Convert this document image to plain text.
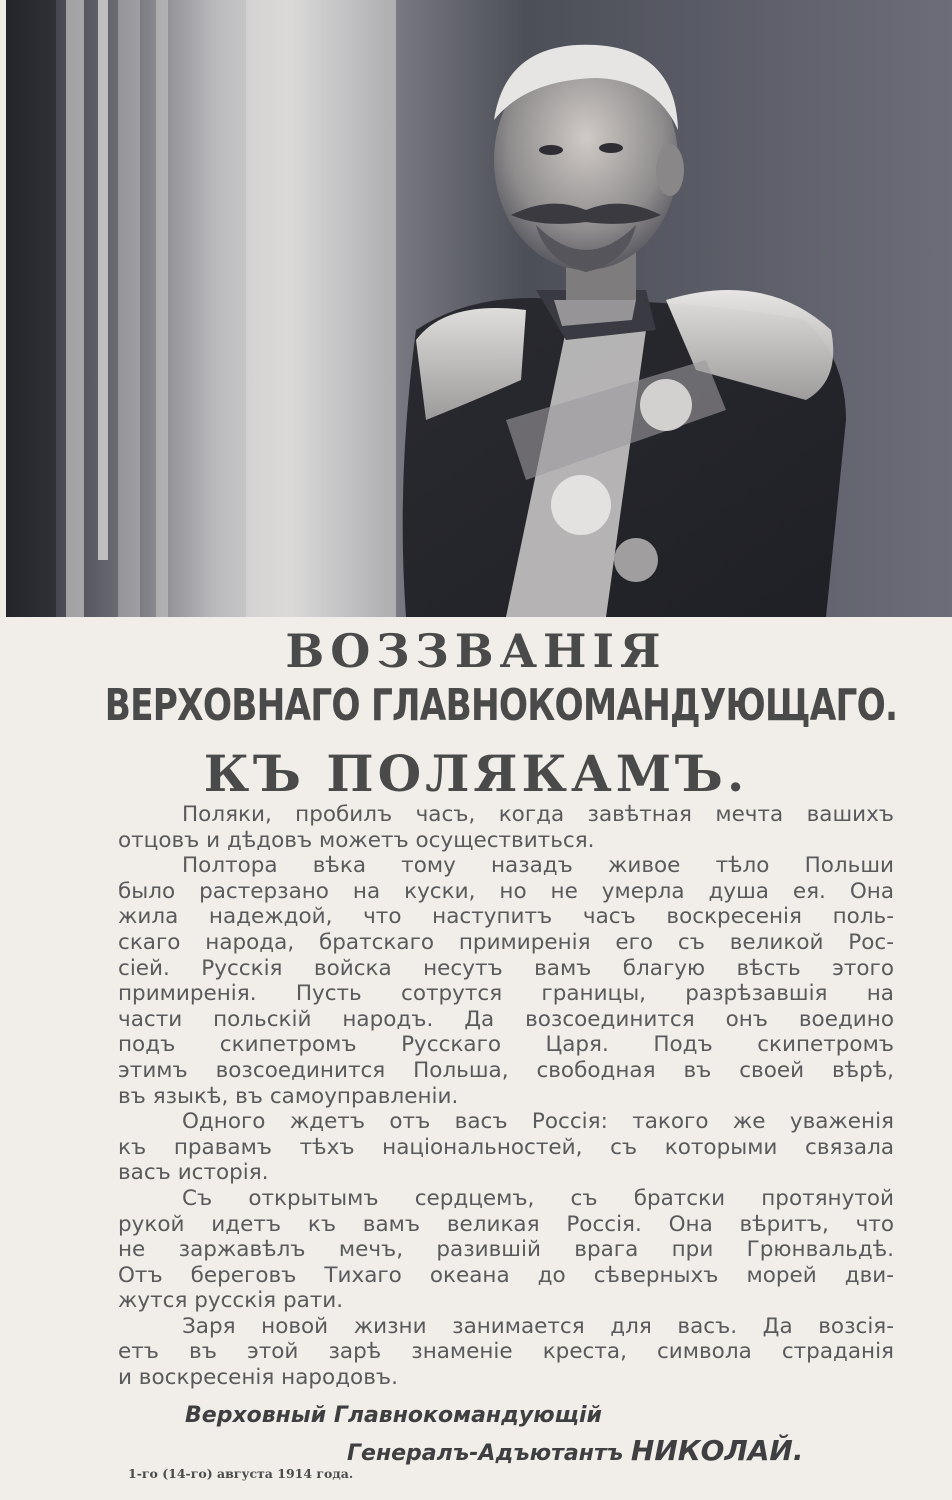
ВОЗЗВАНIЯ
ВЕРХОВНАГО ГЛАВНОКОМАНДУЮЩАГО.
КЪ ПОЛЯКАМЪ.
Поляки, пробилъ часъ, когда завѣтная мечта вашихъ
отцовъ и дѣдовъ можетъ осуществиться.
Полтора вѣка тому назадъ живое тѣло Польши
было растерзано на куски, но не умерла душа ея. Она
жила надеждой, что наступитъ часъ воскресенія поль-
скаго народа, братскаго примиренія его съ великой Рос-
сiей. Русскiя войска несутъ вамъ благую вѣсть этого
примиренія. Пусть сотрутся границы, разрѣзавшiя на
части польскiй народъ. Да возсоединится онъ воедино
подъ скипетромъ Русскаго Царя. Подъ скипетромъ
этимъ возсоединится Польша, свободная въ своей вѣрѣ,
въ языкѣ, въ самоуправленiи.
Одного ждетъ отъ васъ Россія: такого же уваженія
къ правамъ тѣхъ національностей, съ которыми связала
васъ исторія.
Съ открытымъ сердцемъ, съ братски протянутой
рукой идетъ къ вамъ великая Россія. Она вѣритъ, что
не заржавѣлъ мечъ, разившiй врага при Грюнвальдѣ.
Отъ береговъ Тихаго океана до сѣверныхъ морей дви-
жутся русскiя рати.
Заря новой жизни занимается для васъ. Да возсiя-
етъ въ этой зарѣ знаменіе креста, символа страданія
и воскресенія народовъ.
Верховный Главнокомандующій
Генералъ-Адъютантъ НИКОЛАЙ.
1-го (14-го) августа 1914 года.
